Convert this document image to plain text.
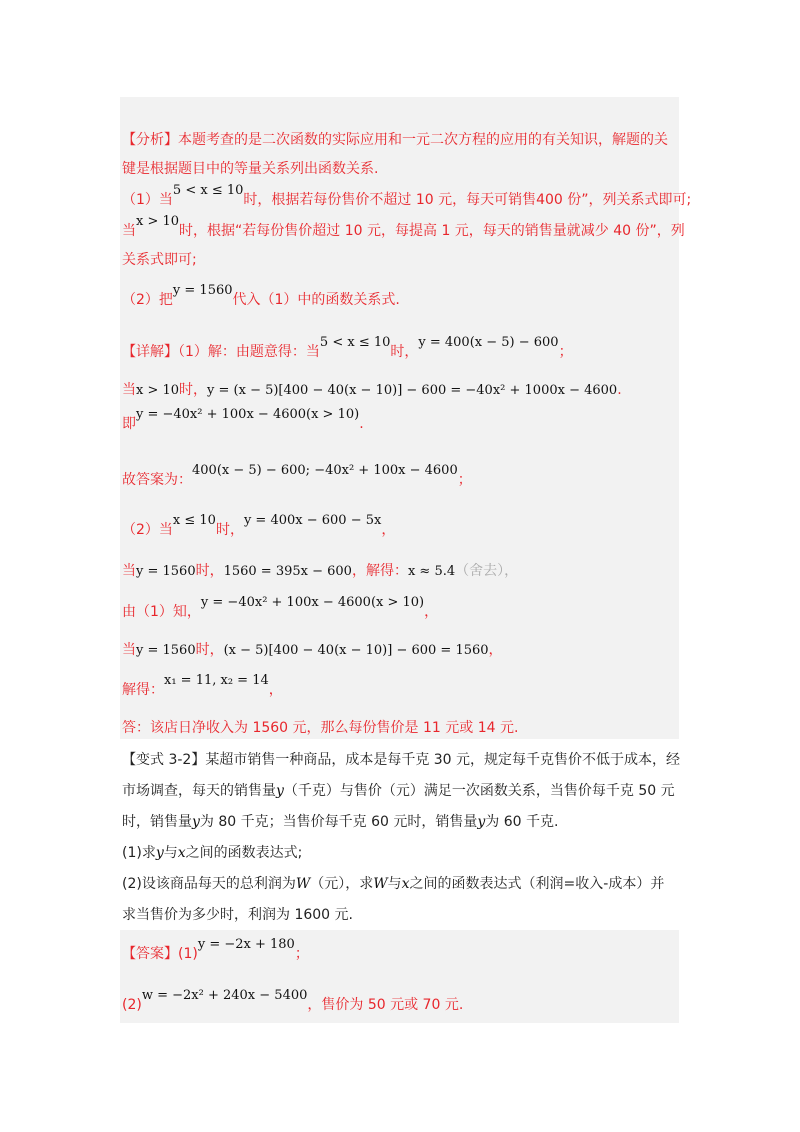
【分析】本题考查的是二次函数的实际应用和一元二次方程的应用的有关知识，解题的关
键是根据题目中的等量关系列出函数关系.
（1）当5 < x ≤ 10时，根据若每份售价不超过 10 元，每天可销售400 份”，列关系式即可;
当x > 10时，根据“若每份售价超过 10 元，每提高 1 元，每天的销售量就减少 40 份”，列
关系式即可;
（2）把y = 1560代入（1）中的函数关系式.
【详解】（1）解：由题意得：当5 < x ≤ 10时，y = 400(x − 5) − 600；
当x > 10时，y = (x − 5)[400 − 40(x − 10)] − 600 = −40x² + 1000x − 4600.
即y = −40x² + 100x − 4600(x > 10).
故答案为：400(x − 5) − 600; −40x² + 100x − 4600；
（2）当x ≤ 10时，y = 400x − 600 − 5x，
当y = 1560时，1560 = 395x − 600，解得：x ≈ 5.4（舍去），
由（1）知，y = −40x² + 100x − 4600(x > 10)，
当y = 1560时，(x − 5)[400 − 40(x − 10)] − 600 = 1560，
解得：x₁ = 11, x₂ = 14，
答：该店日净收入为 1560 元，那么每份售价是 11 元或 14 元.
【变式 3-2】某超市销售一种商品，成本是每千克 30 元，规定每千克售价不低于成本，经
市场调查，每天的销售量y（千克）与售价（元）满足一次函数关系，当售价每千克 50 元
时，销售量y为 80 千克；当售价每千克 60 元时，销售量y为 60 千克.
(1)求y与x之间的函数表达式;
(2)设该商品每天的总利润为W（元），求W与x之间的函数表达式（利润=收入-成本）并
求当售价为多少时，利润为 1600 元.
【答案】(1)y = −2x + 180；
(2)w = −2x² + 240x − 5400，售价为 50 元或 70 元.
